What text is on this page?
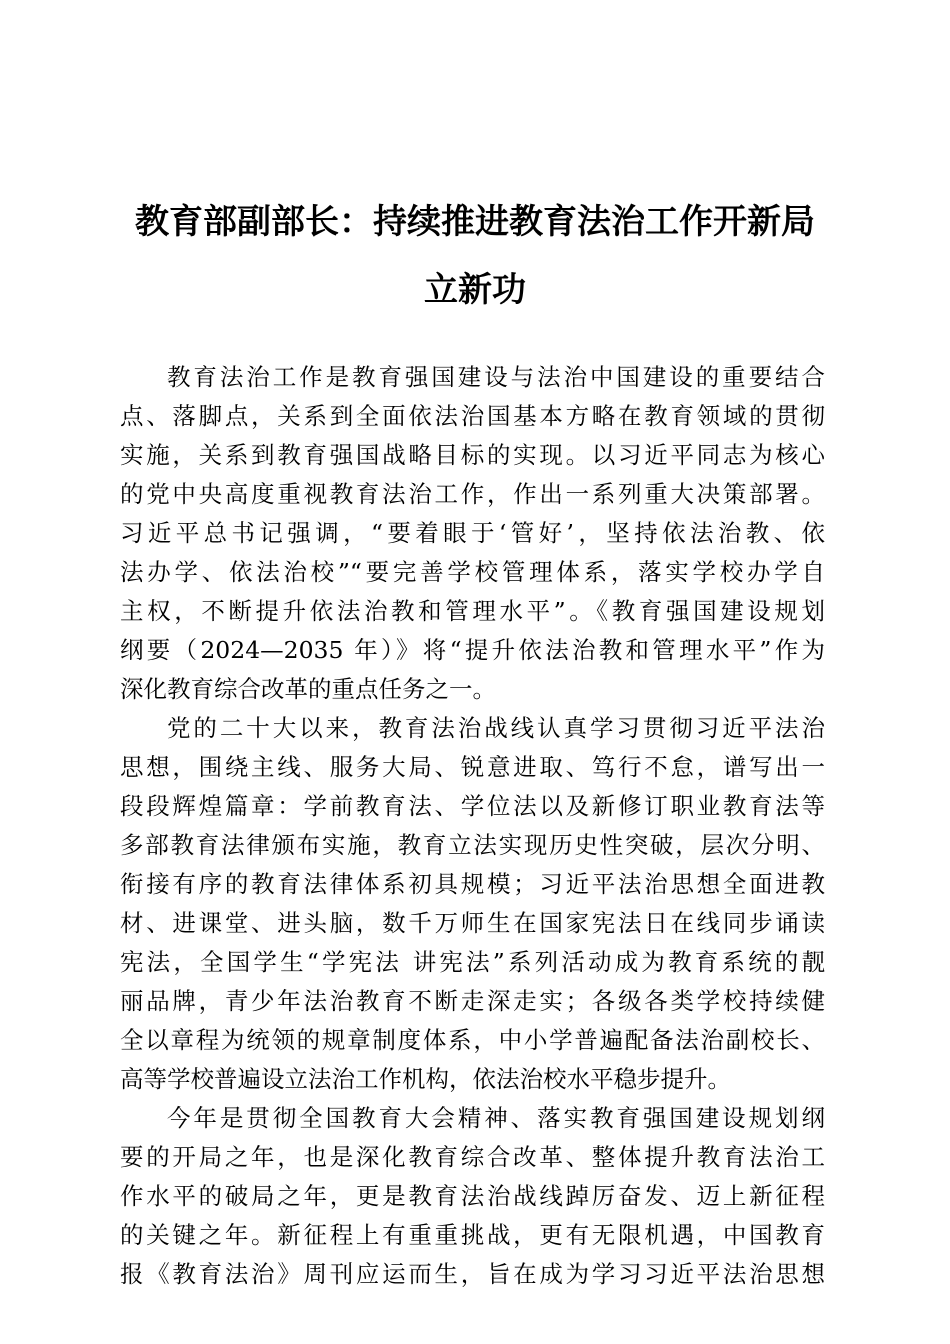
教育部副部长：持续推进教育法治工作开新局
立新功
教育法治工作是教育强国建设与法治中国建设的重要结合
点、落脚点，关系到全面依法治国基本方略在教育领域的贯彻
实施，关系到教育强国战略目标的实现。以习近平同志为核心
的党中央高度重视教育法治工作，作出一系列重大决策部署。
习近平总书记强调，“要着眼于‘管好’，坚持依法治教、依
法办学、依法治校”“要完善学校管理体系，落实学校办学自
主权，不断提升依法治教和管理水平”。《教育强国建设规划
纲要（2024—2035 年）》将“提升依法治教和管理水平”作为
深化教育综合改革的重点任务之一。
党的二十大以来，教育法治战线认真学习贯彻习近平法治
思想，围绕主线、服务大局、锐意进取、笃行不怠，谱写出一
段段辉煌篇章：学前教育法、学位法以及新修订职业教育法等
多部教育法律颁布实施，教育立法实现历史性突破，层次分明、
衔接有序的教育法律体系初具规模；习近平法治思想全面进教
材、进课堂、进头脑，数千万师生在国家宪法日在线同步诵读
宪法，全国学生“学宪法 讲宪法”系列活动成为教育系统的靓
丽品牌，青少年法治教育不断走深走实；各级各类学校持续健
全以章程为统领的规章制度体系，中小学普遍配备法治副校长、
高等学校普遍设立法治工作机构，依法治校水平稳步提升。
今年是贯彻全国教育大会精神、落实教育强国建设规划纲
要的开局之年，也是深化教育综合改革、整体提升教育法治工
作水平的破局之年，更是教育法治战线踔厉奋发、迈上新征程
的关键之年。新征程上有重重挑战，更有无限机遇，中国教育
报《教育法治》周刊应运而生，旨在成为学习习近平法治思想
